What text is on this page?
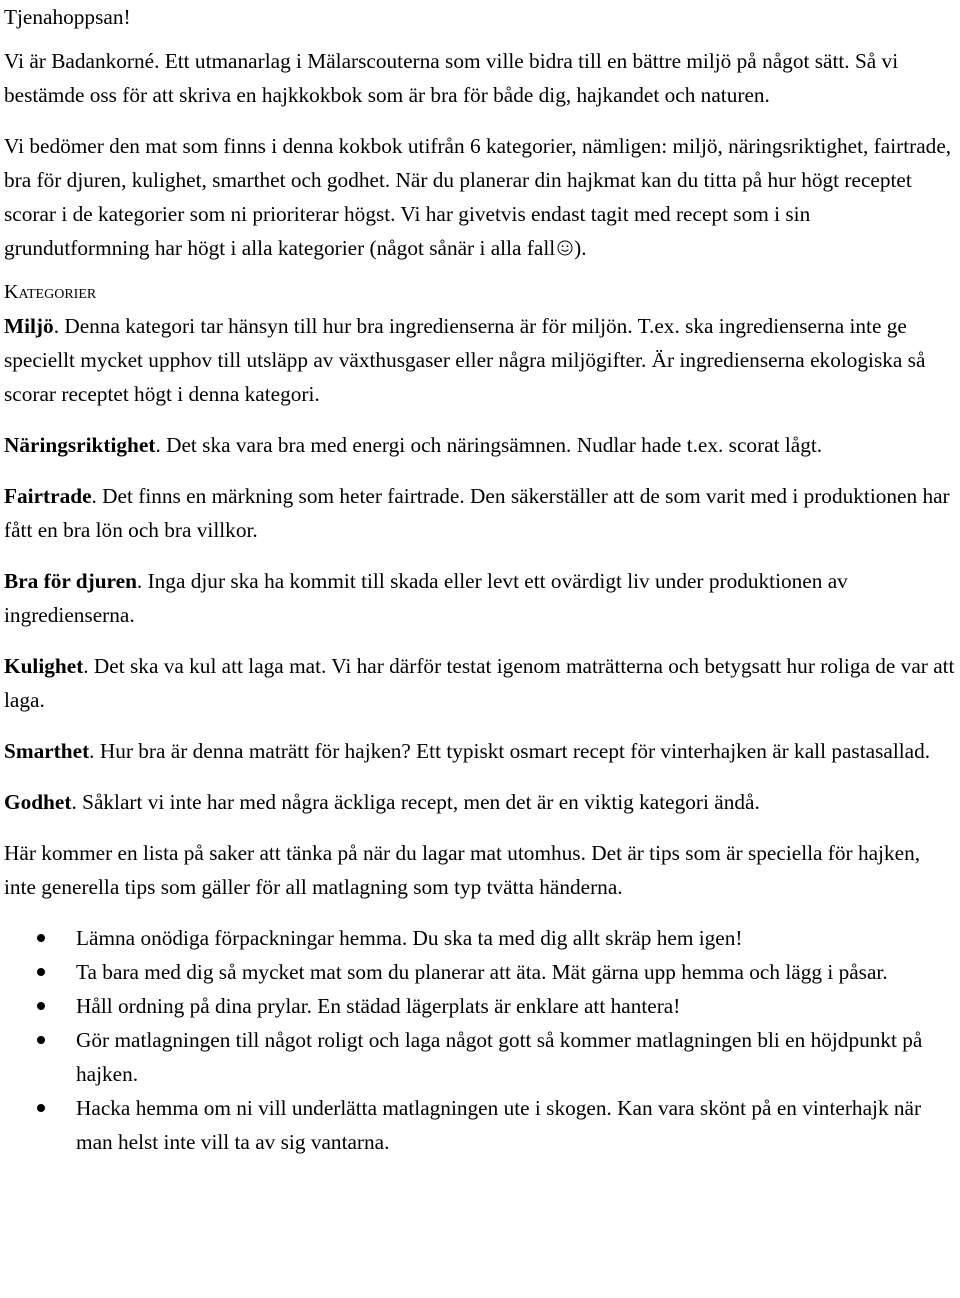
Tjenahoppsan!

Vi är Badankorné. Ett utmanarlag i Mälarscouterna som ville bidra till en bättre miljö på något sätt. Så vi bestämde oss för att skriva en hajkkokbok som är bra för både dig, hajkandet och naturen.

Vi bedömer den mat som finns i denna kokbok utifrån 6 kategorier, nämligen: miljö, näringsriktighet, fairtrade, bra för djuren, kulighet, smarthet och godhet. När du planerar din hajkmat kan du titta på hur högt receptet scorar i de kategorier som ni prioriterar högst. Vi har givetvis endast tagit med recept som i sin grundutformning har högt i alla kategorier (något sånär i alla fall ).

Kategorier

Miljö. Denna kategori tar hänsyn till hur bra ingredienserna är för miljön. T.ex. ska ingredienserna inte ge speciellt mycket upphov till utsläpp av växthusgaser eller några miljögifter. Är ingredienserna ekologiska så scorar receptet högt i denna kategori.

Näringsriktighet. Det ska vara bra med energi och näringsämnen. Nudlar hade t.ex. scorat lågt.

Fairtrade. Det finns en märkning som heter fairtrade. Den säkerställer att de som varit med i produktionen har fått en bra lön och bra villkor.

Bra för djuren. Inga djur ska ha kommit till skada eller levt ett ovärdigt liv under produktionen av ingredienserna.

Kulighet. Det ska va kul att laga mat. Vi har därför testat igenom maträtterna och betygsatt hur roliga de var att laga.

Smarthet. Hur bra är denna maträtt för hajken? Ett typiskt osmart recept för vinterhajken är kall pastasallad.

Godhet. Såklart vi inte har med några äckliga recept, men det är en viktig kategori ändå.

Här kommer en lista på saker att tänka på när du lagar mat utomhus. Det är tips som är speciella för hajken, inte generella tips som gäller för all matlagning som typ tvätta händerna.

Lämna onödiga förpackningar hemma. Du ska ta med dig allt skräp hem igen!
Ta bara med dig så mycket mat som du planerar att äta. Mät gärna upp hemma och lägg i påsar.
Håll ordning på dina prylar. En städad lägerplats är enklare att hantera!
Gör matlagningen till något roligt och laga något gott så kommer matlagningen bli en höjdpunkt på hajken.
Hacka hemma om ni vill underlätta matlagningen ute i skogen. Kan vara skönt på en vinterhajk när man helst inte vill ta av sig vantarna.
